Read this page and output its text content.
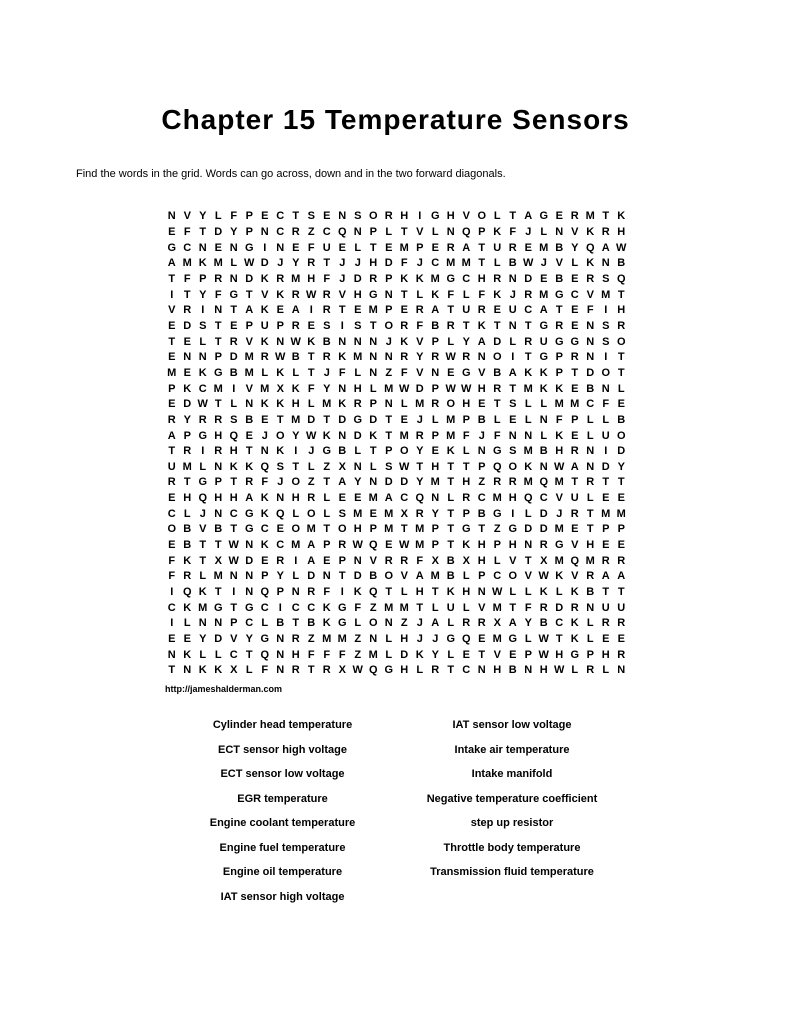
Chapter 15 Temperature Sensors

Find the words in the grid. Words can go across, down and in the two forward diagonals.

N V Y L F P E C T S E N S O R H I G H V O L T A G E R M T K
E F T D Y P N C R Z C Q N P L T V L N Q P K F J L N V K R H
G C N E N G I N E F U E L T E M P E R A T U R E M B Y Q A W
A M K M L W D J Y R T J J H D F J C M M T L B W J V L K N B
T F P R N D K R M H F J D R P K K M G C H R N D E B E R S Q
I T Y F G T V K R W R V H G N T L K F L F K J R M G C V M T
V R I N T A K E A I R T E M P E R A T U R E U C A T E F I H
E D S T E P U P R E S I S T O R F B R T K T N T G R E N S R
T E L T R V K N W K B N N N J K V P L Y A D L R U G G N S O
E N N P D M R W B T R K M N N R Y R W R N O I T G P R N I T
M E K G B M L K L T J F L N Z F V N E G V B A K K P T D O T
P K C M I V M X K F Y N H L M W D P W W H R T M K K E B N L
E D W T L N K K H L M K R P N L M R O H E T S L L M M C F E
R Y R R S B E T M D T D G D T E J L M P B L E L N F P L L B
A P G H Q E J O Y W K N D K T M R P M F J F N N L K E L U O
T R I R H T N K I J G B L T P O Y E K L N G S M B H R N I D
U M L N K K Q S T L Z X N L S W T H T T P Q O K N W A N D Y
R T G P T R F J O Z T A Y N D D Y M T H Z R R M Q M T R T T
E H Q H H A K N H R L E E M A C Q N L R C M H Q C V U L E E
C L J N C G K Q L O L S M E M X R Y T P B G I L D J R T M M
O B V B T G C E O M T O H P M T M P T G T Z G D D M E T P P
E B T T W N K C M A P R W Q E W M P T K H P H N R G V H E E
F K T X W D E R I A E P N V R R F X B X H L V T X M Q M R R
F R L M N N P Y L D N T D B O V A M B L P C O V W K V R A A
I Q K T I N Q P N R F I K Q T L H T K H N W L L K L K B T T
C K M G T G C I C C K G F Z M M T L U L V M T F R D R N U U
I L N N P C L B T B K G L O N Z J A L R R X A Y B C K L R R
E E Y D V Y G N R Z M M Z N L H J J G Q E M G L W T K L E E
N K L L C T Q N H F F F Z M L D K Y L E T V E P W H G P H R
T N K K X L F N R T R X W Q G H L R T C N H B N H W L R L N
http://jameshalderman.com
Cylinder head temperature
ECT sensor high voltage
ECT sensor low voltage
EGR temperature
Engine coolant temperature
Engine fuel temperature
Engine oil temperature
IAT sensor high voltage
IAT sensor low voltage
Intake air temperature
Intake manifold
Negative temperature coefficient
step up resistor
Throttle body temperature
Transmission fluid temperature
